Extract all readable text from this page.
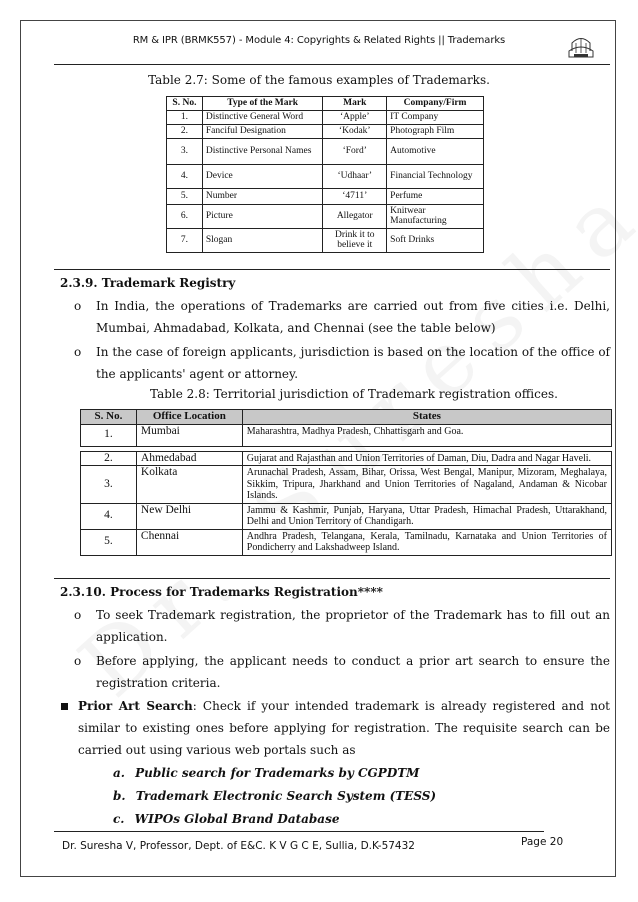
RM & IPR (BRMK557) - Module 4: Copyrights & Related Rights || Trademarks
Table 2.7: Some of the famous examples of Trademarks.
S. No.	Type of the Mark	Mark	Company/Firm
1.	Distinctive General Word	‘Apple’	IT Company
2.	Fanciful Designation	‘Kodak’	Photograph Film
3.	Distinctive Personal Names	‘Ford’	Automotive
4.	Device	‘Udhaar’	Financial Technology
5.	Number	‘4711’	Perfume
6.	Picture	Allegator	Knitwear Manufacturing
7.	Slogan	Drink it to believe it	Soft Drinks
2.3.9. Trademark Registry
o In India, the operations of Trademarks are carried out from five cities i.e. Delhi, Mumbai, Ahmadabad, Kolkata, and Chennai (see the table below)
o In the case of foreign applicants, jurisdiction is based on the location of the office of the applicants' agent or attorney.
Table 2.8: Territorial jurisdiction of Trademark registration offices.
S. No.	Office Location	States
1.	Mumbai	Maharashtra, Madhya Pradesh, Chhattisgarh and Goa.

2.	Ahmedabad	Gujarat and Rajasthan and Union Territories of Daman, Diu, Dadra and Nagar Haveli.
3.	Kolkata	Arunachal Pradesh, Assam, Bihar, Orissa, West Bengal, Manipur, Mizoram, Meghalaya, Sikkim, Tripura, Jharkhand and Union Territories of Nagaland, Andaman & Nicobar Islands.
4.	New Delhi	Jammu & Kashmir, Punjab, Haryana, Uttar Pradesh, Himachal Pradesh, Uttarakhand, Delhi and Union Territory of Chandigarh.
5.	Chennai	Andhra Pradesh, Telangana, Kerala, Tamilnadu, Karnataka and Union Territories of Pondicherry and Lakshadweep Island.
2.3.10. Process for Trademarks Registration****
o To seek Trademark registration, the proprietor of the Trademark has to fill out an application.
o Before applying, the applicant needs to conduct a prior art search to ensure the registration criteria.
Prior Art Search: Check if your intended trademark is already registered and not similar to existing ones before applying for registration. The requisite search can be carried out using various web portals such as
a. Public search for Trademarks by CGPDTM
b. Trademark Electronic Search System (TESS)
c. WIPOs Global Brand Database
Dr. Suresha V, Professor, Dept. of E&C. K V G C E, Sullia, D.K-57432	Page 20
